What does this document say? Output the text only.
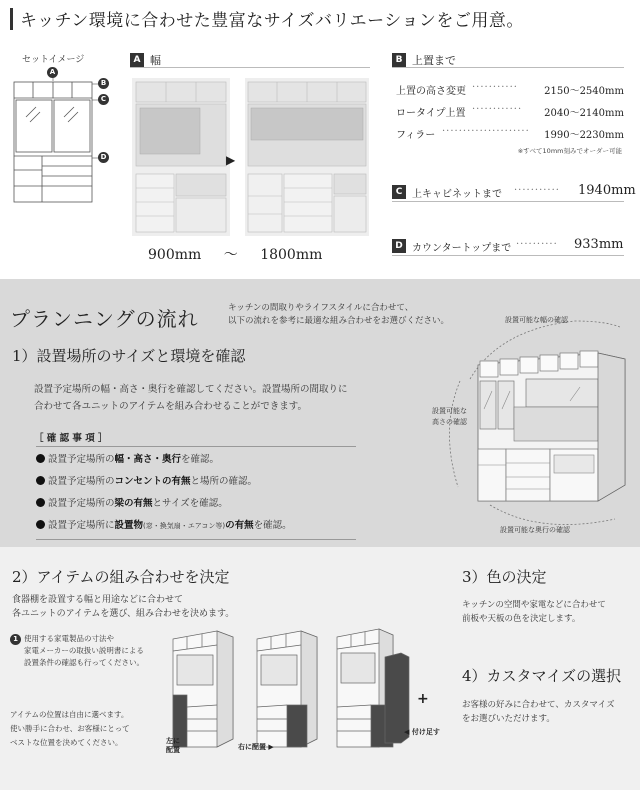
キッチン環境に合わせた豊富なサイズバリエーションをご用意。
セットイメージ
A
B
C
D
A 幅
▶
900mm 〜 1800mm
B 上置まで
上置の高さ変更 ···········	2150〜2540mm
ロータイプ上置 ············ 2040〜2140mm
フィラー ····················· 1990〜2230mm
※すべて10mm刻みでオーダー可能
C 上キャビネットまで ··········· 1940mm
D カウンタートップまで ·········· 933mm
プランニングの流れ	キッチンの間取りやライフスタイルに合わせて、
以下の流れを参考に最適な組み合わせをお選びください。
1）設置場所のサイズと環境を確認
設置予定場所の幅・高さ・奥行を確認してください。設置場所の間取りに
合わせて各ユニットのアイテムを組み合わせることができます。
［ 確 認 事 項 ］
設置予定場所の幅・高さ・奥行を確認。
設置予定場所のコンセントの有無と場所の確認。
設置予定場所の梁の有無とサイズを確認。
設置予定場所に設置物(窓・換気扇・エアコン等)の有無を確認。
設置可能な幅の確認
設置可能な
高さの確認
設置可能な奥行の確認
2）アイテムの組み合わせを決定
食器棚を設置する幅と用途などに合わせて
各ユニットのアイテムを選び、組み合わせを決めます。
1 使用する家電製品の寸法や
家電メーカーの取扱い説明書による
設置条件の確認も行ってください。
アイテムの位置は自由に選べます。
使い勝手に合わせ、お客様にとって
ベストな位置を決めてください。
+
左に
配置	右に配置 ▶
◀ 付け足す
3）色の決定
キッチンの空間や家電などに合わせて
前板や天板の色を決定します。
4）カスタマイズの選択
お客様の好みに合わせて、カスタマイズ
をお選びいただけます。
